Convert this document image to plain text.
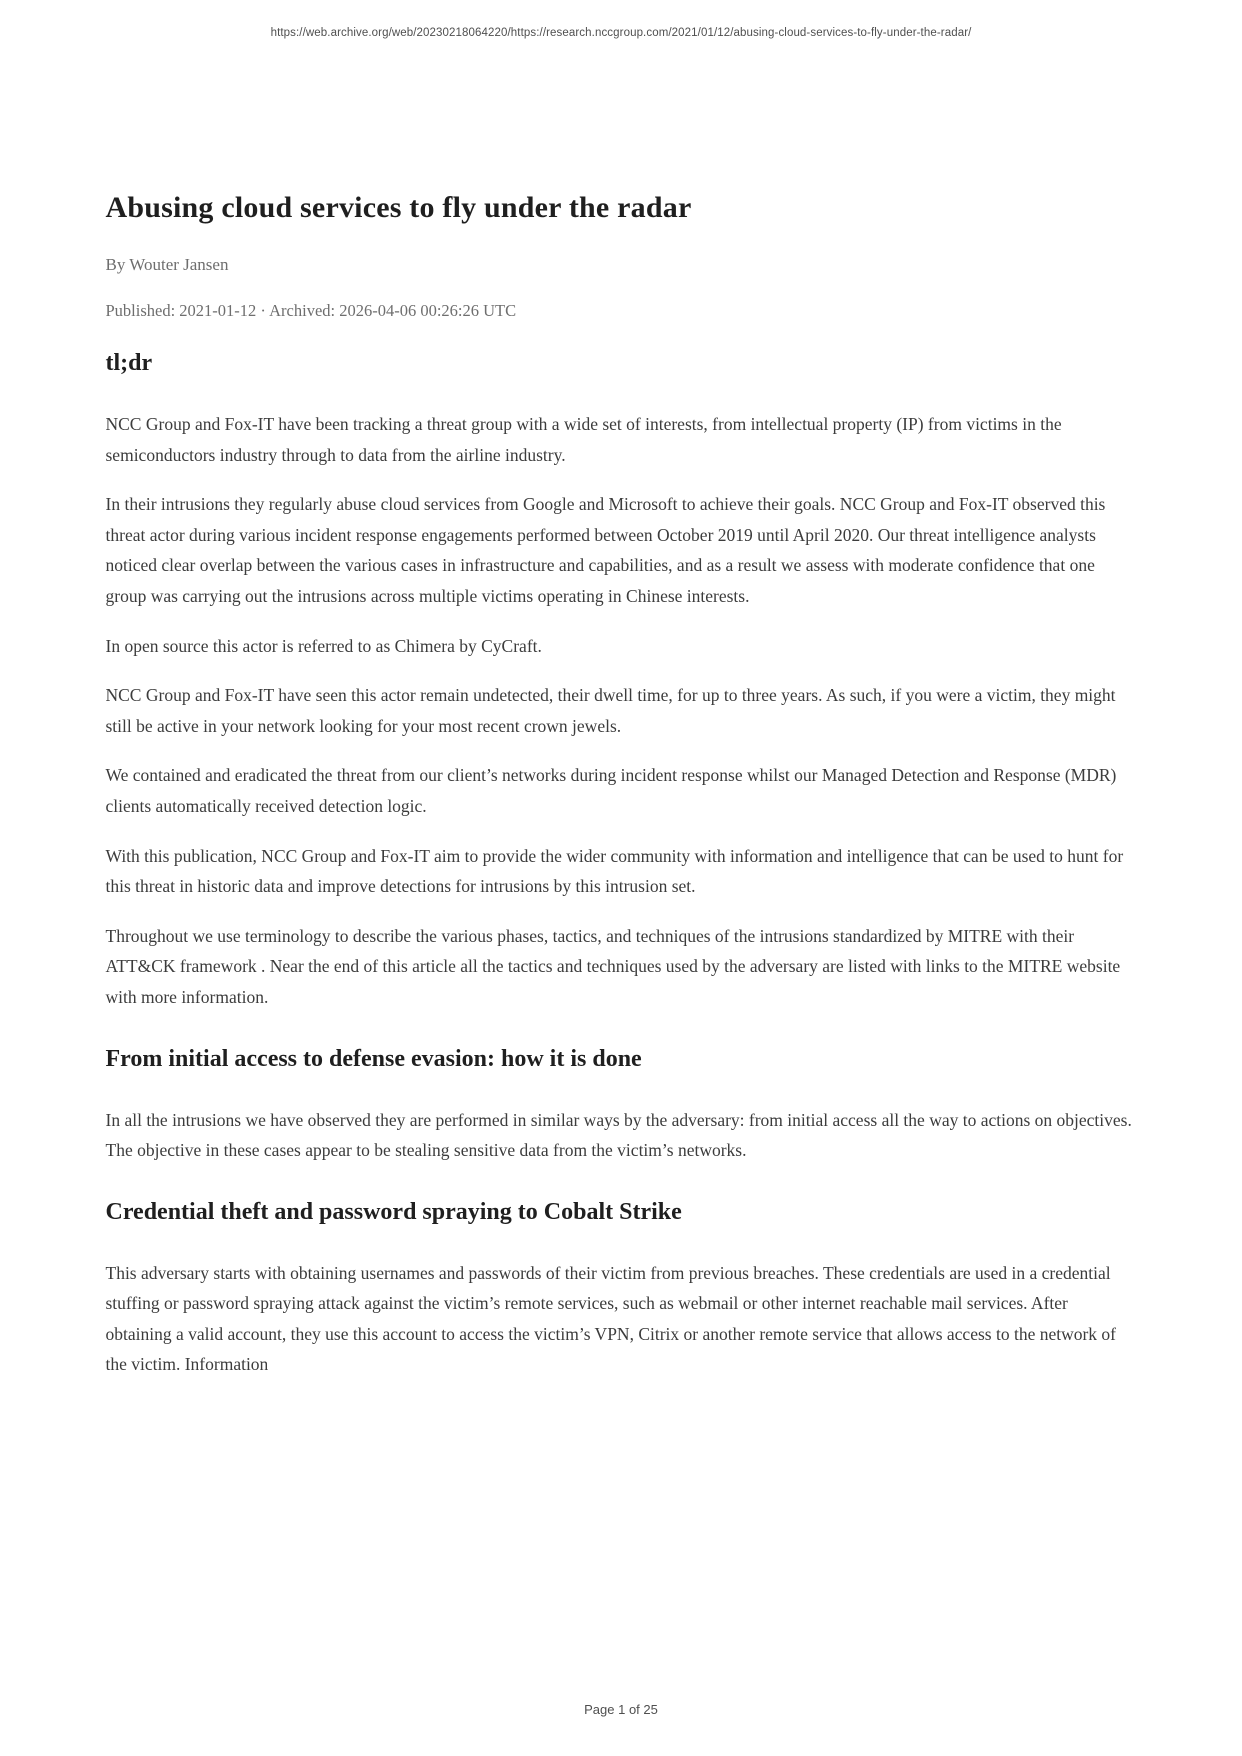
https://web.archive.org/web/20230218064220/https://research.nccgroup.com/2021/01/12/abusing-cloud-services-to-fly-under-the-radar/
Abusing cloud services to fly under the radar

By Wouter Jansen

Published: 2021-01-12 · Archived: 2026-04-06 00:26:26 UTC

tl;dr

NCC Group and Fox-IT have been tracking a threat group with a wide set of interests, from intellectual property (IP) from victims in the semiconductors industry through to data from the airline industry.

In their intrusions they regularly abuse cloud services from Google and Microsoft to achieve their goals. NCC Group and Fox-IT observed this threat actor during various incident response engagements performed between October 2019 until April 2020. Our threat intelligence analysts noticed clear overlap between the various cases in infrastructure and capabilities, and as a result we assess with moderate confidence that one group was carrying out the intrusions across multiple victims operating in Chinese interests.

In open source this actor is referred to as Chimera by CyCraft.

NCC Group and Fox-IT have seen this actor remain undetected, their dwell time, for up to three years. As such, if you were a victim, they might still be active in your network looking for your most recent crown jewels.

We contained and eradicated the threat from our client’s networks during incident response whilst our Managed Detection and Response (MDR) clients automatically received detection logic.

With this publication, NCC Group and Fox-IT aim to provide the wider community with information and intelligence that can be used to hunt for this threat in historic data and improve detections for intrusions by this intrusion set.

Throughout we use terminology to describe the various phases, tactics, and techniques of the intrusions standardized by MITRE with their ATT&CK framework . Near the end of this article all the tactics and techniques used by the adversary are listed with links to the MITRE website with more information.

From initial access to defense evasion: how it is done

In all the intrusions we have observed they are performed in similar ways by the adversary: from initial access all the way to actions on objectives. The objective in these cases appear to be stealing sensitive data from the victim’s networks.

Credential theft and password spraying to Cobalt Strike

This adversary starts with obtaining usernames and passwords of their victim from previous breaches. These credentials are used in a credential stuffing or password spraying attack against the victim’s remote services, such as webmail or other internet reachable mail services. After obtaining a valid account, they use this account to access the victim’s VPN, Citrix or another remote service that allows access to the network of the victim. Information

Page 1 of 25
